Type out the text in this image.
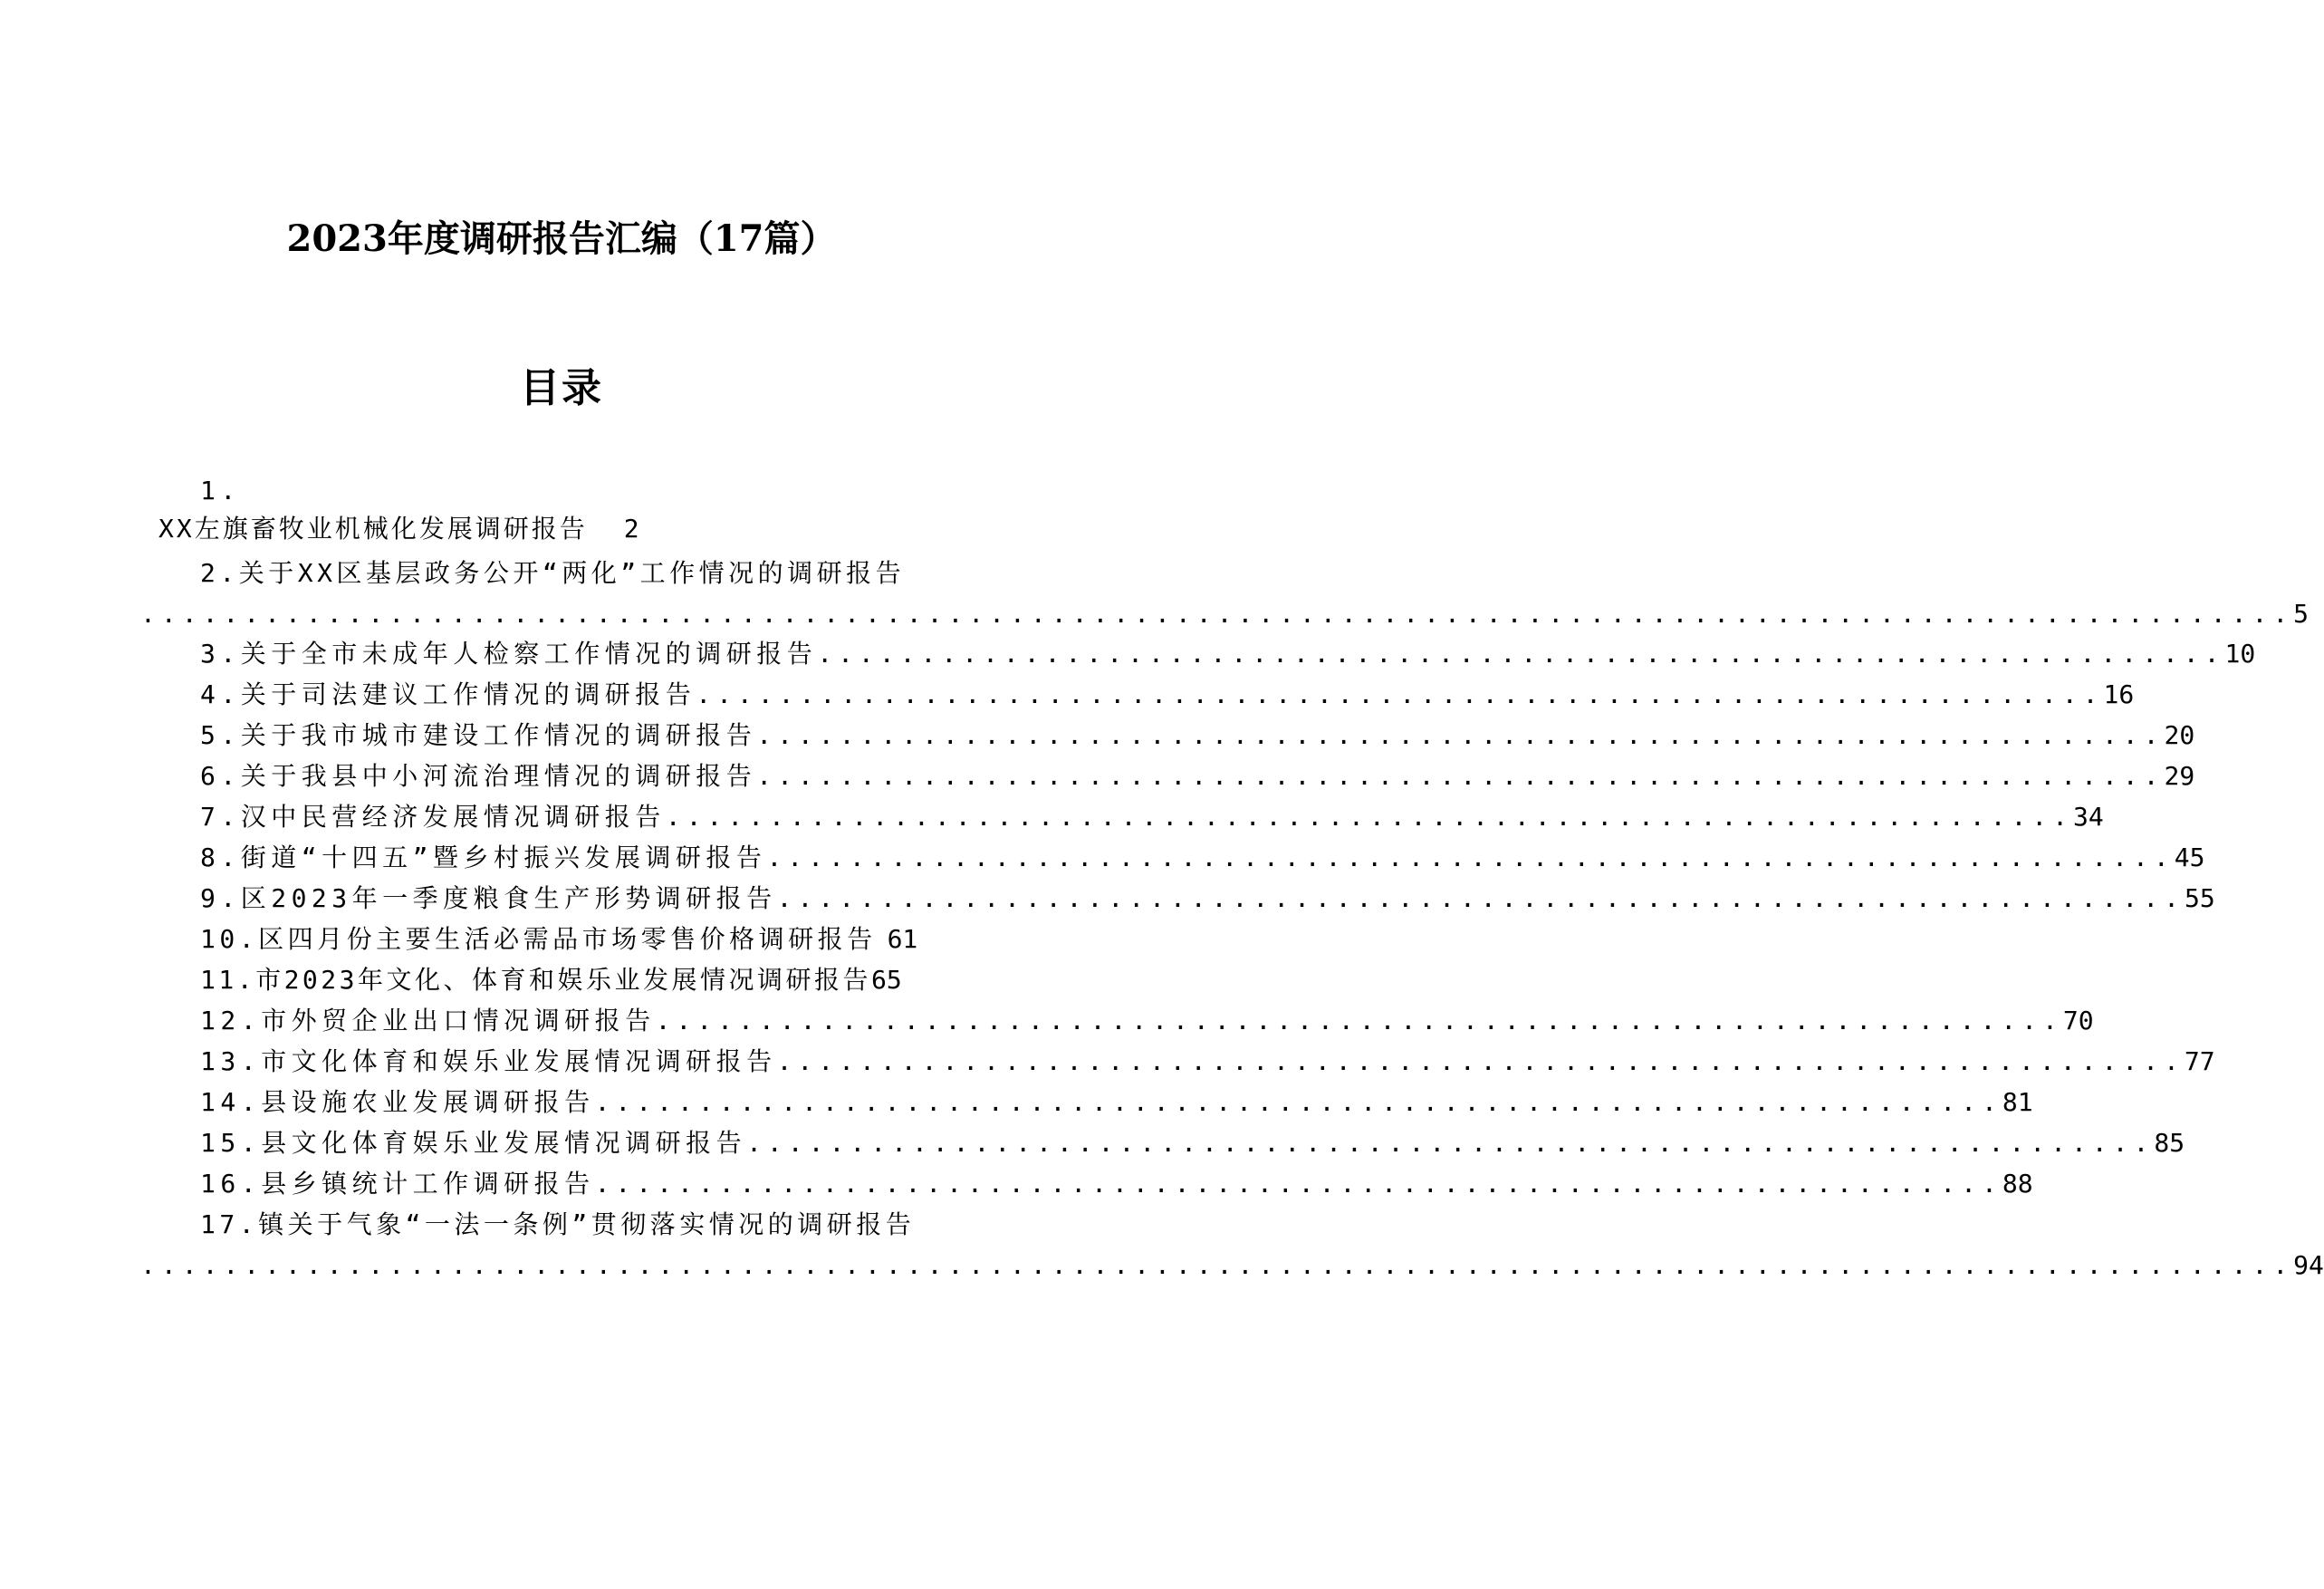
2023年度调研报告汇编（17篇）
目录
1.
XX左旗畜牧业机械化发展调研报告 2
2.关于XX区基层政务公开“两化”工作情况的调研报告
........................................................................................................ 5
3.关于全市未成年人检察工作情况的调研报告 .................................................................... 10
4.关于司法建议工作情况的调研报告 .................................................................... 16
5.关于我市城市建设工作情况的调研报告 .................................................................... 20
6.关于我县中小河流治理情况的调研报告 .................................................................... 29
7.汉中民营经济发展情况调研报告 .................................................................... 34
8.街道“十四五”暨乡村振兴发展调研报告 .................................................................... 45
9.区2023年一季度粮食生产形势调研报告 .................................................................... 55
10.区四月份主要生活必需品市场零售价格调研报告 61
11.市2023年文化、体育和娱乐业发展情况调研报告 65
12.市外贸企业出口情况调研报告 .................................................................... 70
13.市文化体育和娱乐业发展情况调研报告 .................................................................... 77
14.县设施农业发展调研报告 .................................................................... 81
15.县文化体育娱乐业发展情况调研报告 .................................................................... 85
16.县乡镇统计工作调研报告 .................................................................... 88
17.镇关于气象“一法一条例”贯彻落实情况的调研报告
........................................................................................................ 94
